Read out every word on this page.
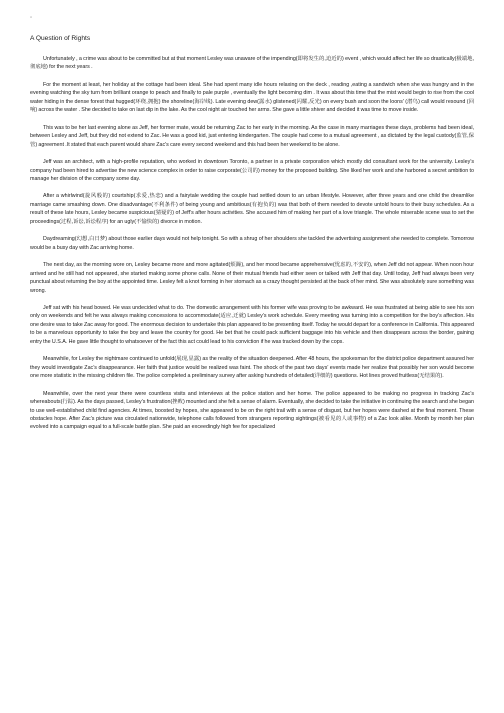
▫
A Question of Rights

Unfortunately , a crime was about to be committed but at that moment Lesley was unaware of the impending(即将发生的,迫近的) event , which would affect her life so drastically(极端地,彻底地) for the next years .

For the moment at least, her holiday at the cottage had been ideal. She had spent many idle hours relaxing on the deck , reading ,eating a sandwich when she was hungry and in the evening watching the sky turn from brilliant orange to peach and finally to pale purple , eventually the light becoming dim . It was about this time that the mist would begin to rise from the cool water hiding in the dense forest that hugged(环绕,拥抱) the shoreline(海岸线). Late evening dew(露水) glistened(闪耀,反光) on every bush and soon the loons' (潜鸟) call would resound (回响) across the water . She decided to take on last dip in the lake. As the cool night air touched her arms. She gave a little shiver and decided it was time to move inside.

This was to be her last evening alone as Jeff, her former mate, would be returning Zac to her early in the morning. As the case in many marriages these days, problems had been ideal, between Lesley and Jeff, but they did not extend to Zac. He was a good kid, just entering kindergarten. The couple had come to a mutual agreement , as dictated by the legal custody(监管,保管) agreement .It stated that each parent would share Zac's care every second weekend and this had been her weekend to be alone.

Jeff was an architect, with a high-profile reputation, who worked in downtown Toronto, a partner in a private corporation which mostly did consultant work for the university. Lesley’s company had been hired to advertise the new science complex in order to raise corporate(公司的) money for the proposed building. She liked her work and she harbored a secret ambition to manage her division of the company some day.

After a whirlwind(旋风般的) courtship(求爱,热恋) and a fairytale wedding the couple had settled down to an urban lifestyle. However, after three years and one child the dreamlike marriage came smashing down. One disadvantage(不利条件) of being young and ambitious(有抱负的) was that both of them needed to devote untold hours to their busy schedules. As a result of these late hours, Lesley became suspicious(猜疑的) of Jeff’s after hours activities. She accused him of making her part of a love triangle. The whole miserable scene was to set the proceedings(过程,诉讼,诉讼程序) for an ugly(不愉快的) divorce in motion.

Daydreaming(幻想,白日梦) about those earlier days would not help tonight. So with a shrug of her shoulders she tackled the advertising assignment she needed to complete. Tomorrow would be a busy day with Zac arriving home.

The next day, as the morning wore on, Lesley became more and more agitated(烦躁), and her mood became apprehensive(忧虑的,不安的), when Jeff did not appear. When noon hour arrived and he still had not appeared, she started making some phone calls. None of their mutual friends had either seen or talked with Jeff that day. Until today, Jeff had always been very punctual about returning the boy at the appointed time. Lesley felt a knot forming in her stomach as a crazy thought persisted at the back of her mind. She was absolutely sure something was wrong.

Jeff sat with his head bowed. He was undecided what to do. The domestic arrangement with his former wife was proving to be awkward. He was frustrated at being able to see his son only on weekends and felt he was always making concessions to accommodate(适应,迁就) Lesley’s work schedule. Every meeting was turning into a competition for the boy’s affection. His one desire was to take Zac away for good. The enormous decision to undertake this plan appeared to be presenting itself. Today he would depart for a conference in California. This appeared to be a marvelous opportunity to take the boy and leave the country for good. He bet that he could pack sufficient baggage into his vehicle and then disappears across the border, gaining entry the U.S.A. He gave little thought to whatsoever of the fact this act could lead to his conviction if he was tracked down by the cops.

Meanwhile, for Lesley the nightmare continued to unfold(展现,显露) as the reality of the situation deepened. After 48 hours, the spokesman for the district police department assured her they would investigate Zac’s disappearance. Her faith that justice would be realized was faint. The shock of the past two days’ events made her realize that possibly her son would become one more statistic in the missing children file. The police completed a preliminary survey after asking hundreds of detailed(详细的) questions. Hot lines proved fruitless(无结果的).

Meanwhile, over the next year there were countless visits and interviews at the police station and her home. The police appeared to be making no progress in tracking Zac’s whereabouts(行踪). As the days passed, Lesley’s frustration(挫败) mounted and she felt a sense of alarm. Eventually, she decided to take the initiative in continuing the search and she began to use well-established child find agencies. At times, boosted by hopes, she appeared to be on the right trail with a sense of disgust, but her hopes were dashed at the final moment. These obstacles hope. After Zac’s picture was circulated nationwide, telephone calls followed from strangers reporting sightings(被看见的人或事物) of a Zac look alike. Month by month her plan evolved into a campaign equal to a full-scale battle plan. She paid an exceedingly high fee for specialized
